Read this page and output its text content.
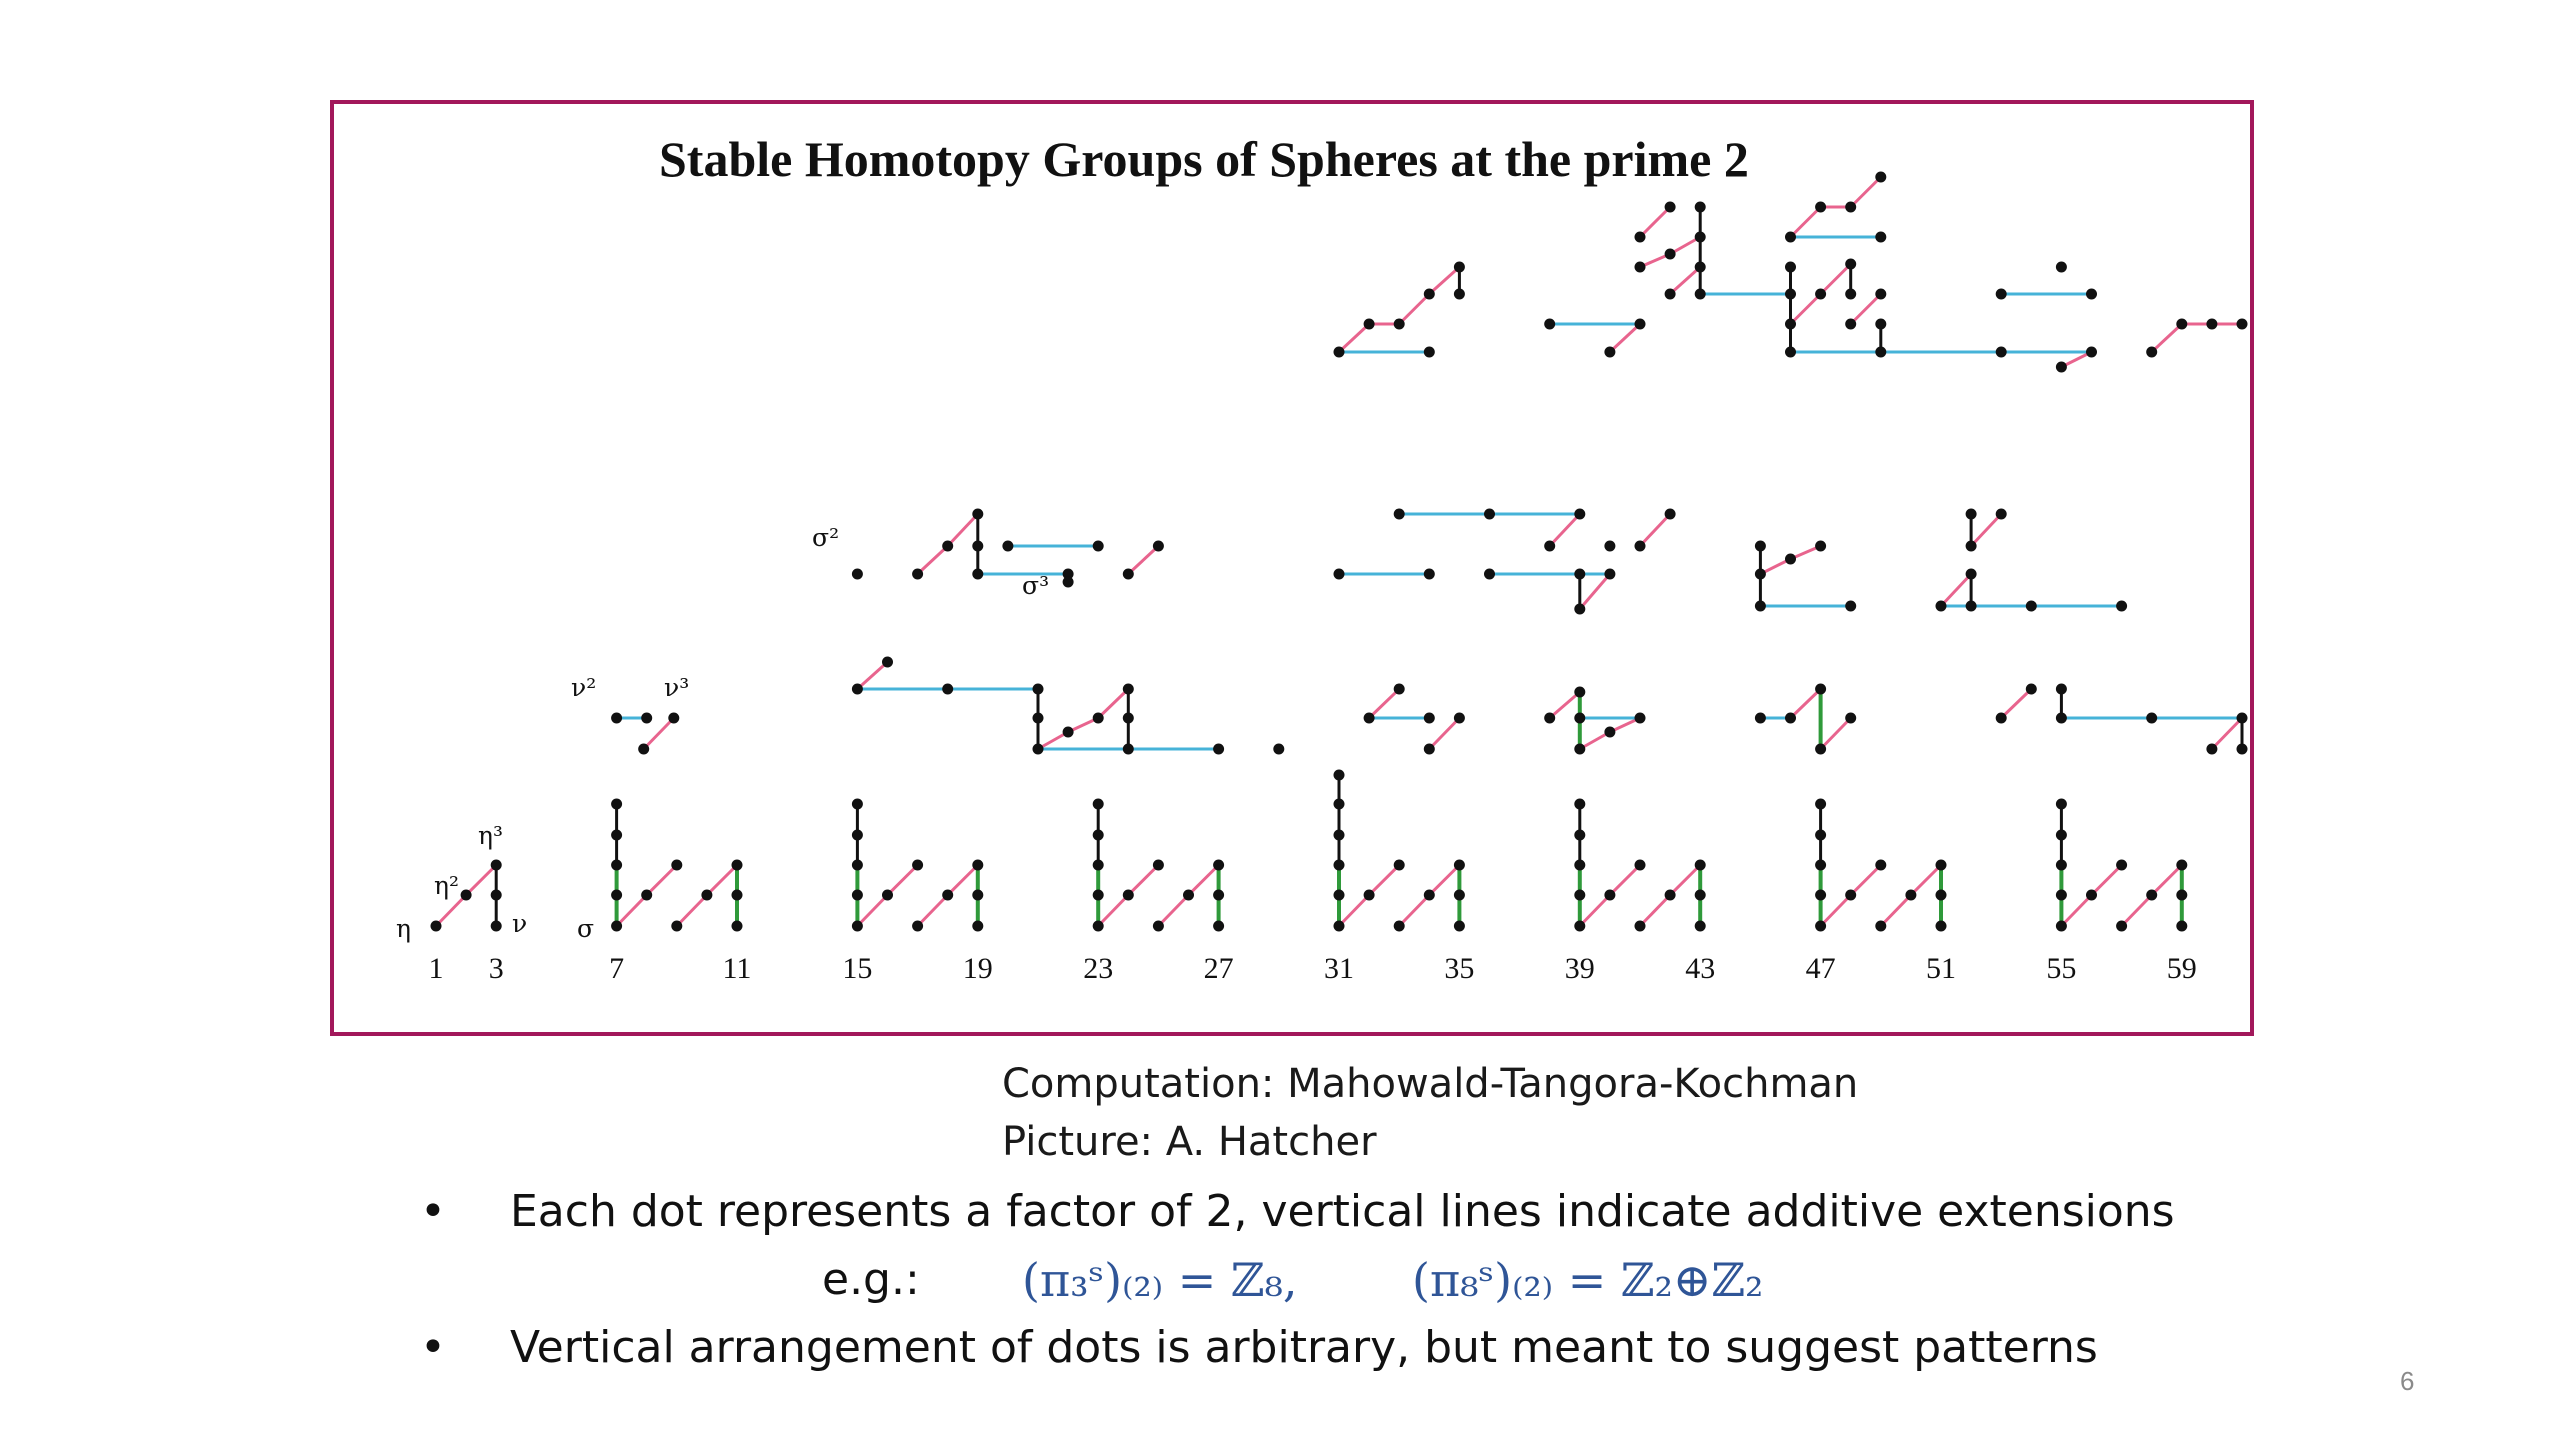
Stable Homotopy Groups of Spheres at the prime 2
η
η²
η³
ν σ
ν²	ν³
σ²
σ³
1 3	7	11	15	19	23	27	31	35	39	43	47	51	55	59
Computation: Mahowald-Tangora-Kochman
Picture: A. Hatcher
•	Each dot represents a factor of 2, vertical lines indicate additive extensions
e.g.: (π₃ˢ)₍₂₎ = ℤ₈, (π₈ˢ)₍₂₎ = ℤ₂⊕ℤ₂
•	Vertical arrangement of dots is arbitrary, but meant to suggest patterns
6
